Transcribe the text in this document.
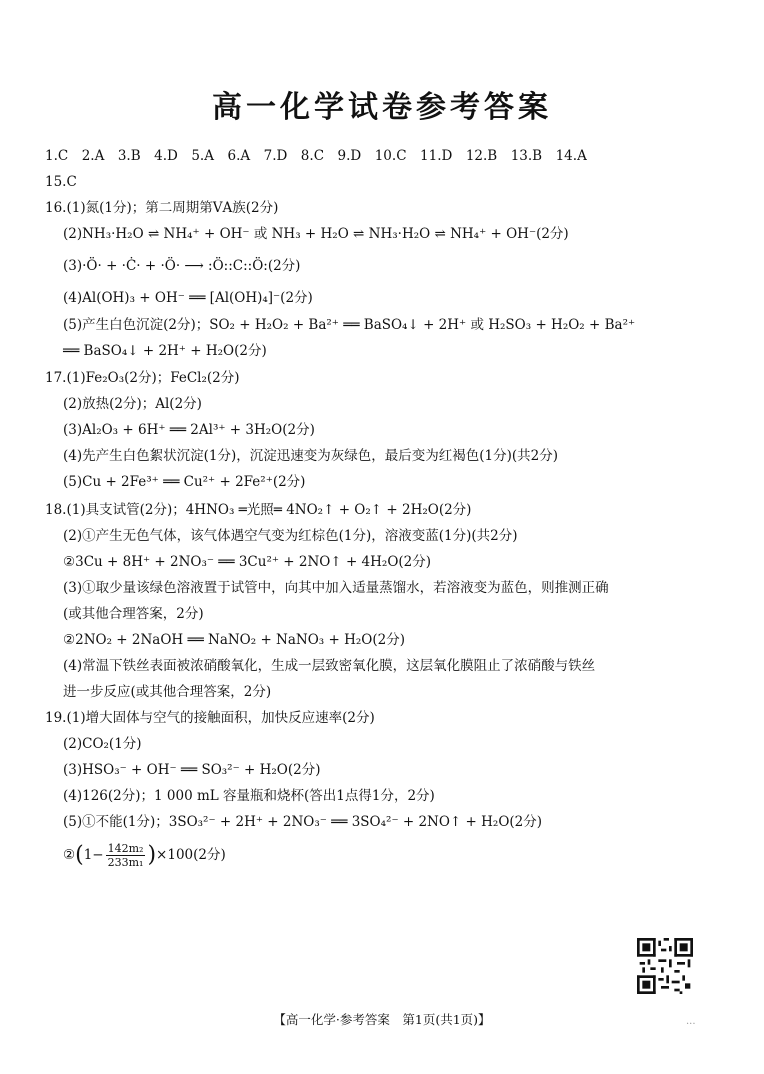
高一化学试卷参考答案
1.C　2.A　3.B　4.D　5.A　6.A　7.D　8.C　9.D　10.C　11.D　12.B　13.B　14.A
15.C
16.(1)氮(1分)；第二周期第ⅤA族(2分)
(2)NH₃·H₂O ⇌ NH₄⁺ + OH⁻ 或 NH₃ + H₂O ⇌ NH₃·H₂O ⇌ NH₄⁺ + OH⁻(2分)
(3)·Ö· + ·Ċ· + ·Ö· ⟶ :Ö::C::Ö:(2分)
(4)Al(OH)₃ + OH⁻ ══ [Al(OH)₄]⁻(2分)
(5)产生白色沉淀(2分)；SO₂ + H₂O₂ + Ba²⁺ ══ BaSO₄↓ + 2H⁺ 或 H₂SO₃ + H₂O₂ + Ba²⁺
══ BaSO₄↓ + 2H⁺ + H₂O(2分)
17.(1)Fe₂O₃(2分)；FeCl₂(2分)
(2)放热(2分)；Al(2分)
(3)Al₂O₃ + 6H⁺ ══ 2Al³⁺ + 3H₂O(2分)
(4)先产生白色絮状沉淀(1分)，沉淀迅速变为灰绿色，最后变为红褐色(1分)(共2分)
(5)Cu + 2Fe³⁺ ══ Cu²⁺ + 2Fe²⁺(2分)
18.(1)具支试管(2分)；4HNO₃ ═光照═ 4NO₂↑ + O₂↑ + 2H₂O(2分)
(2)①产生无色气体，该气体遇空气变为红棕色(1分)，溶液变蓝(1分)(共2分)
②3Cu + 8H⁺ + 2NO₃⁻ ══ 3Cu²⁺ + 2NO↑ + 4H₂O(2分)
(3)①取少量该绿色溶液置于试管中，向其中加入适量蒸馏水，若溶液变为蓝色，则推测正确
(或其他合理答案，2分)
②2NO₂ + 2NaOH ══ NaNO₂ + NaNO₃ + H₂O(2分)
(4)常温下铁丝表面被浓硝酸氧化，生成一层致密氧化膜，这层氧化膜阻止了浓硝酸与铁丝
进一步反应(或其他合理答案，2分)
19.(1)增大固体与空气的接触面积，加快反应速率(2分)
(2)CO₂(1分)
(3)HSO₃⁻ + OH⁻ ══ SO₃²⁻ + H₂O(2分)
(4)126(2分)；1 000 mL 容量瓶和烧杯(答出1点得1分，2分)
(5)①不能(1分)；3SO₃²⁻ + 2H⁺ + 2NO₃⁻ ══ 3SO₄²⁻ + 2NO↑ + H₂O(2分)
②(1− $\frac{\text{142m₂}}{\text{233m₁}} )\times 100(2$分)
【高一化学·参考答案　第1页(共1页)】	...
